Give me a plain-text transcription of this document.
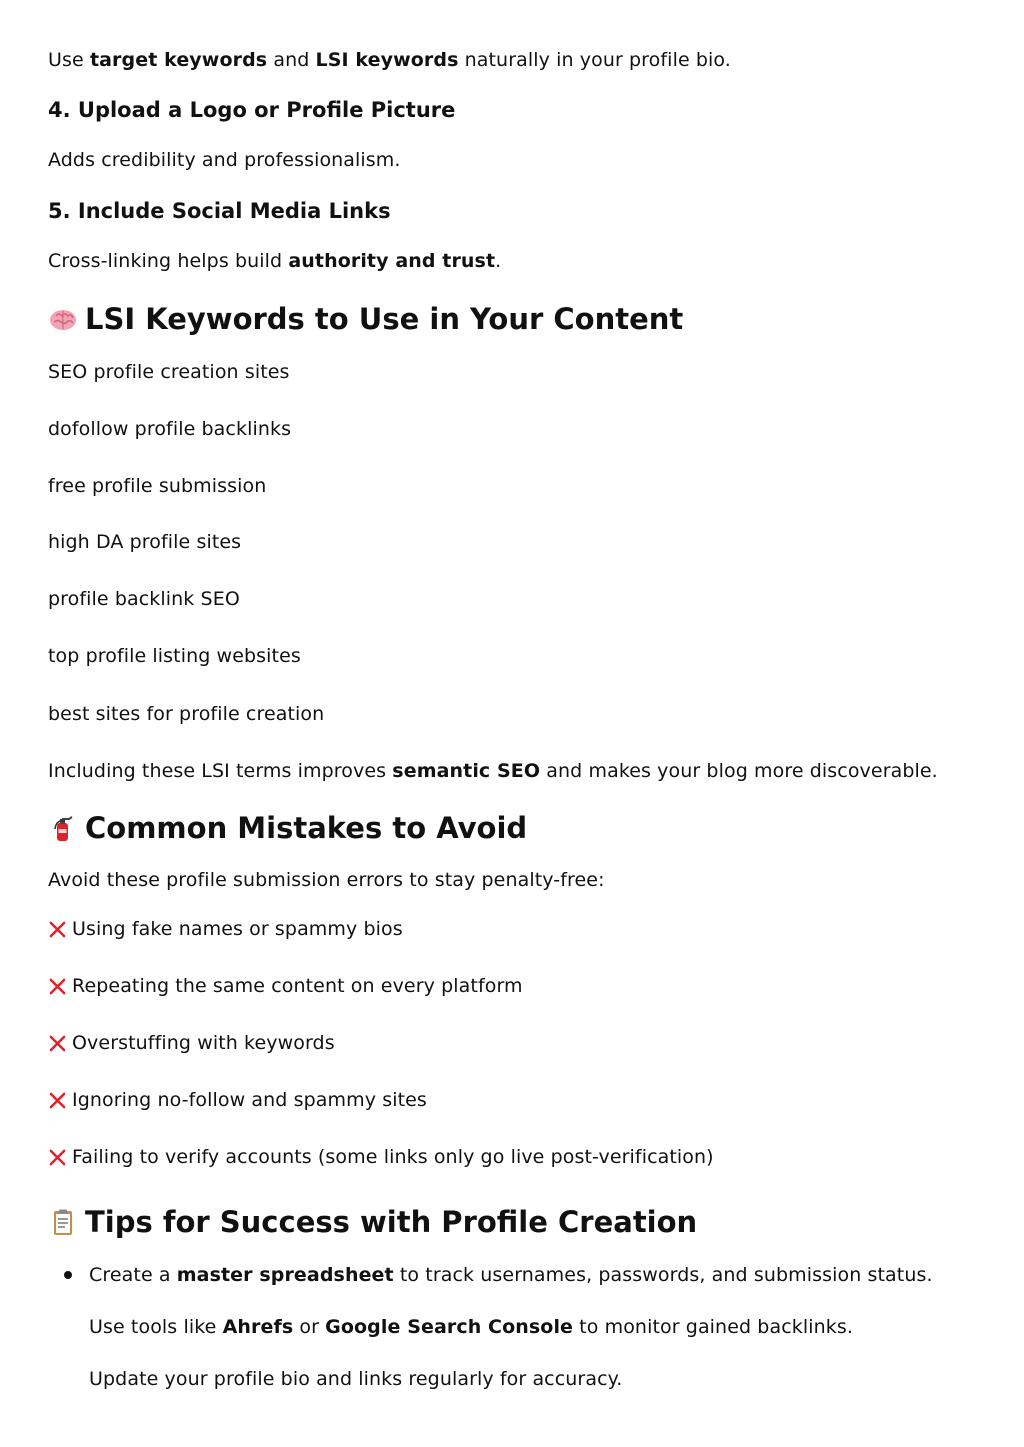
Use target keywords and LSI keywords naturally in your profile bio.
4. Upload a Logo or Profile Picture
Adds credibility and professionalism.
5. Include Social Media Links
Cross-linking helps build authority and trust.
LSI Keywords to Use in Your Content
SEO profile creation sites
dofollow profile backlinks
free profile submission
high DA profile sites
profile backlink SEO
top profile listing websites
best sites for profile creation
Including these LSI terms improves semantic SEO and makes your blog more discoverable.
Common Mistakes to Avoid
Avoid these profile submission errors to stay penalty-free:
Using fake names or spammy bios
Repeating the same content on every platform
Overstuffing with keywords
Ignoring no-follow and spammy sites
Failing to verify accounts (some links only go live post-verification)
Tips for Success with Profile Creation
Create a master spreadsheet to track usernames, passwords, and submission status.
Use tools like Ahrefs or Google Search Console to monitor gained backlinks.
Update your profile bio and links regularly for accuracy.
